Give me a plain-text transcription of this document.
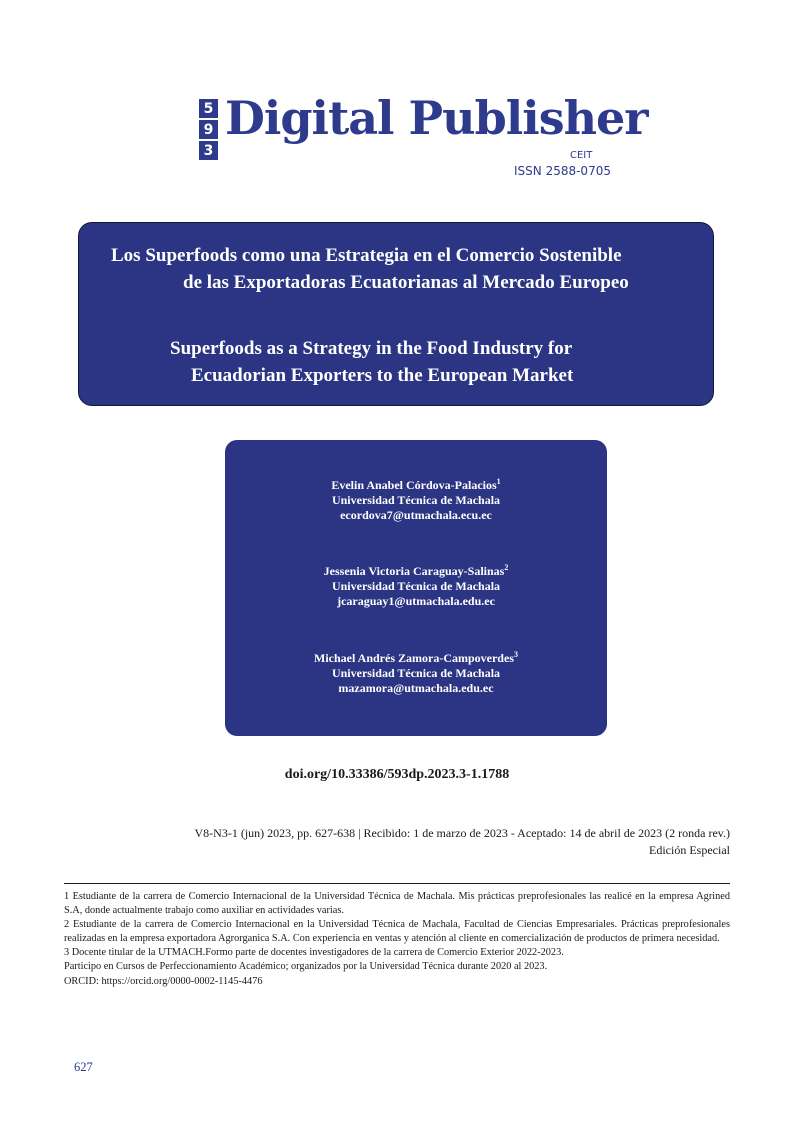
5
9
3
Digital Publisher
CEIT
ISSN 2588-0705
Los Superfoods como una Estrategia en el Comercio Sostenible
de las Exportadoras Ecuatorianas al Mercado Europeo
Superfoods as a Strategy in the Food Industry for
Ecuadorian Exporters to the European Market
Evelin Anabel Córdova-Palacios$^1$
Universidad Técnica de Machala
ecordova7@utmachala.ecu.ec
Jessenia Victoria Caraguay-Salinas$^2$
Universidad Técnica de Machala
jcaraguay1@utmachala.edu.ec
Michael Andrés Zamora-Campoverdes$^3$
Universidad Técnica de Machala
mazamora@utmachala.edu.ec
doi.org/10.33386/593dp.2023.3-1.1788
V8-N3-1 (jun) 2023, pp. 627-638 | Recibido: 1 de marzo de 2023 - Aceptado: 14 de abril de 2023 (2 ronda rev.)
Edición Especial

1 Estudiante de la carrera de Comercio Internacional de la Universidad Técnica de Machala. Mis prácticas preprofesionales las realicé en la empresa Agrined S.A, donde actualmente trabajo como auxiliar en actividades varias.

2 Estudiante de la carrera de Comercio Internacional en la Universidad Técnica de Machala, Facultad de Ciencias Empresariales. Prácticas preprofesionales realizadas en la empresa exportadora Agrorganica S.A. Con experiencia en ventas y atención al cliente en comercialización de productos de primera necesidad.

3 Docente titular de la UTMACH.Formo parte de docentes investigadores de la carrera de Comercio Exterior 2022-2023.

Participo en Cursos de Perfeccionamiento Académico; organizados por la Universidad Técnica durante 2020 al 2023.

ORCID: https://orcid.org/0000-0002-1145-4476

627
